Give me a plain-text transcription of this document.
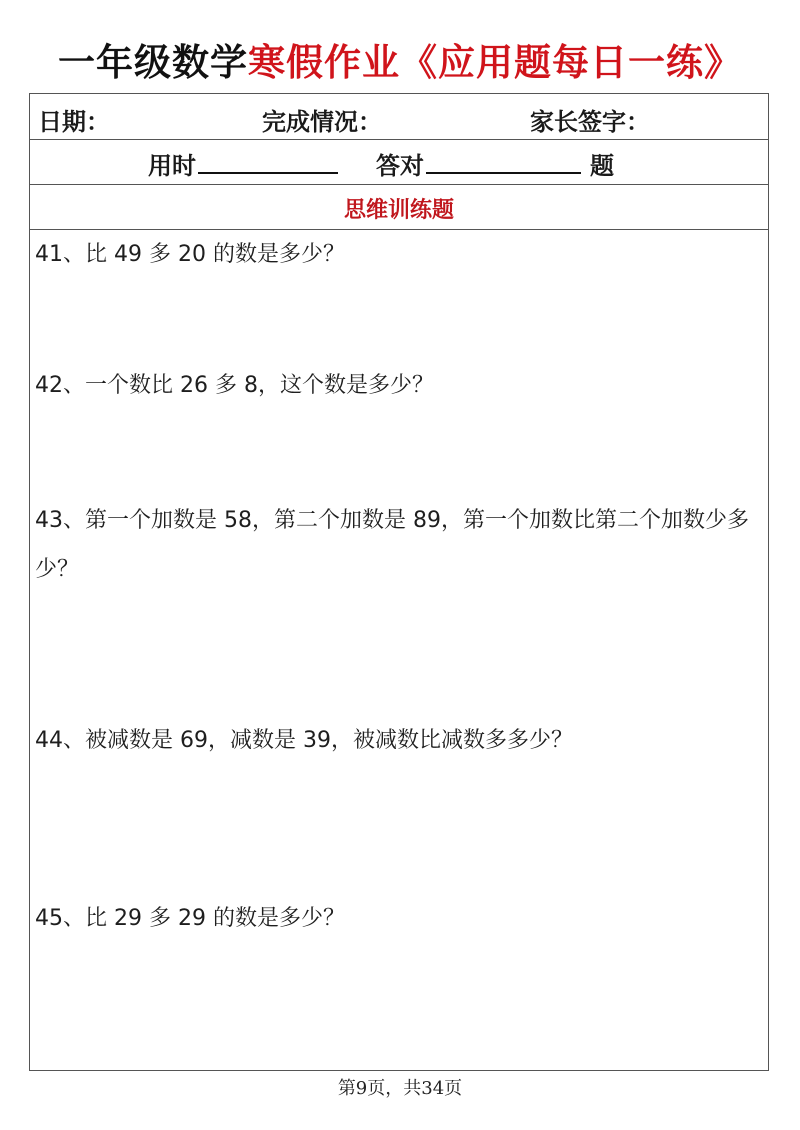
一年级数学寒假作业《应用题每日一练》
日期：	完成情况：	家长签字：
用时	答对	题
思维训练题
41、比 49 多 20 的数是多少？
42、一个数比 26 多 8，这个数是多少？
43、第一个加数是 58，第二个加数是 89，第一个加数比第二个加数少多少？
44、被减数是 69，减数是 39，被减数比减数多多少？
45、比 29 多 29 的数是多少？
第9页，共34页
